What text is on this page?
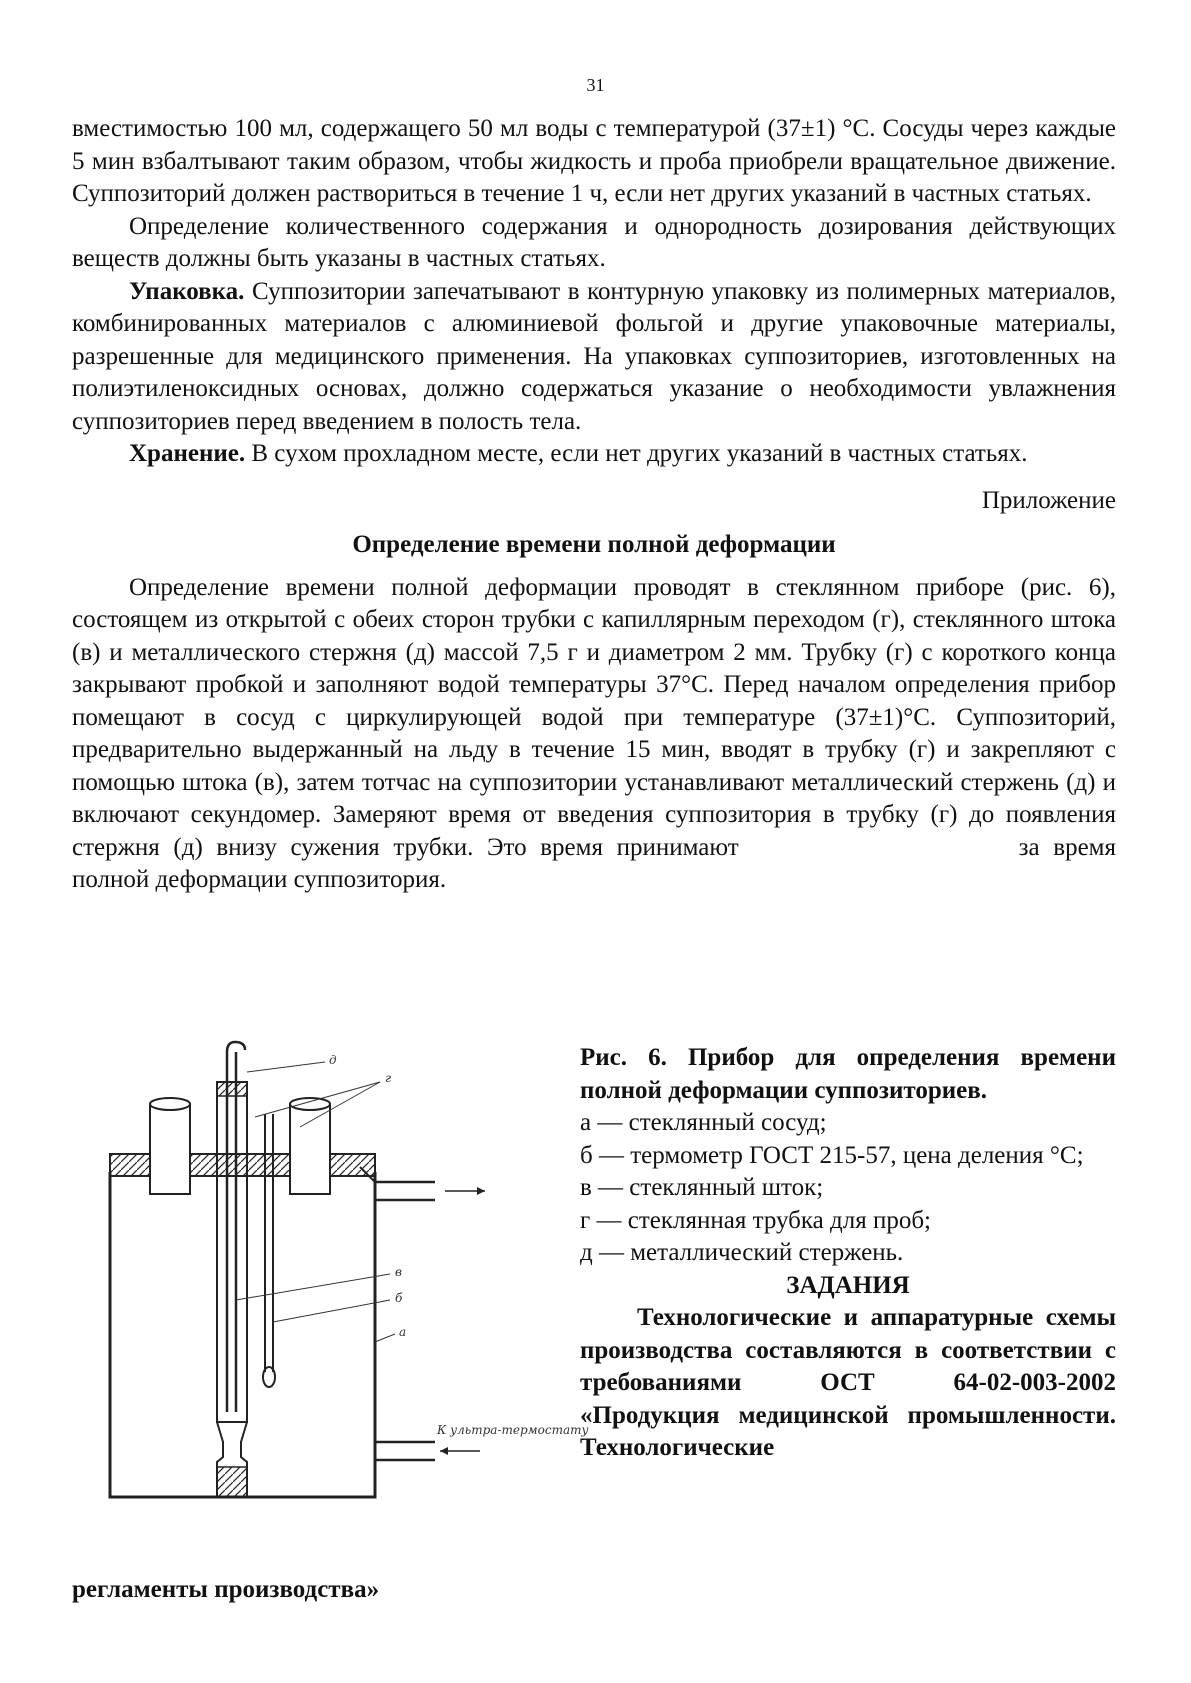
31

вместимостью 100 мл, содержащего 50 мл воды с температурой (37±1) °С. Сосуды через каждые 5 мин взбалтывают таким образом, чтобы жидкость и проба приобрели вращательное движение. Суппозиторий должен раствориться в течение 1 ч, если нет других указаний в частных статьях.

Определение количественного содержания и однородность дозирования действующих веществ должны быть указаны в частных статьях.

Упаковка. Суппозитории запечатывают в контурную упаковку из полимерных материалов, комбинированных материалов с алюминиевой фольгой и другие упаковочные материалы, разрешенные для медицинского применения. На упаковках суппозиториев, изготовленных на полиэтиленоксидных основах, должно содержаться указание о необходимости увлажнения суппозиториев перед введением в полость тела.

Хранение. В сухом прохладном месте, если нет других указаний в частных статьях.

Приложение

Определение времени полной деформации

Определение времени полной деформации проводят в стеклянном приборе (рис. 6), состоящем из открытой с обеих сторон трубки с капиллярным переходом (г), стеклянного штока (в) и металлического стержня (д) массой 7,5 г и диаметром 2 мм. Трубку (г) с короткого конца закрывают пробкой и заполняют водой температуры 37°С. Перед началом определения прибор помещают в сосуд с циркулирующей водой при температуре (37±1)°С. Суппозиторий, предварительно выдержанный на льду в течение 15 мин, вводят в трубку (г) и закрепляют с помощью штока (в), затем тотчас на суппозитории устанавливают металлический стержень (д) и включают секундомер. Замеряют время от введения суппозитория в трубку (г) до появления стержня (д) внизу сужения трубки. Это время принимают	за время полной деформации суппозитория.

д
г
в
б
а
К ультра-термостату

Рис. 6. Прибор для определения времени полной деформации суппозиториев.

а — стеклянный сосуд;

б — термометр ГОСТ 215-57, цена деления °С;

в — стеклянный шток;

г — стеклянная трубка для проб;

д — металлический стержень.

ЗАДАНИЯ

Технологические и аппаратурные схемы производства составляются в соответствии с требованиями ОСТ 64-02-003-2002 «Продукция медицинской промышленности. Технологические

регламенты производства»
